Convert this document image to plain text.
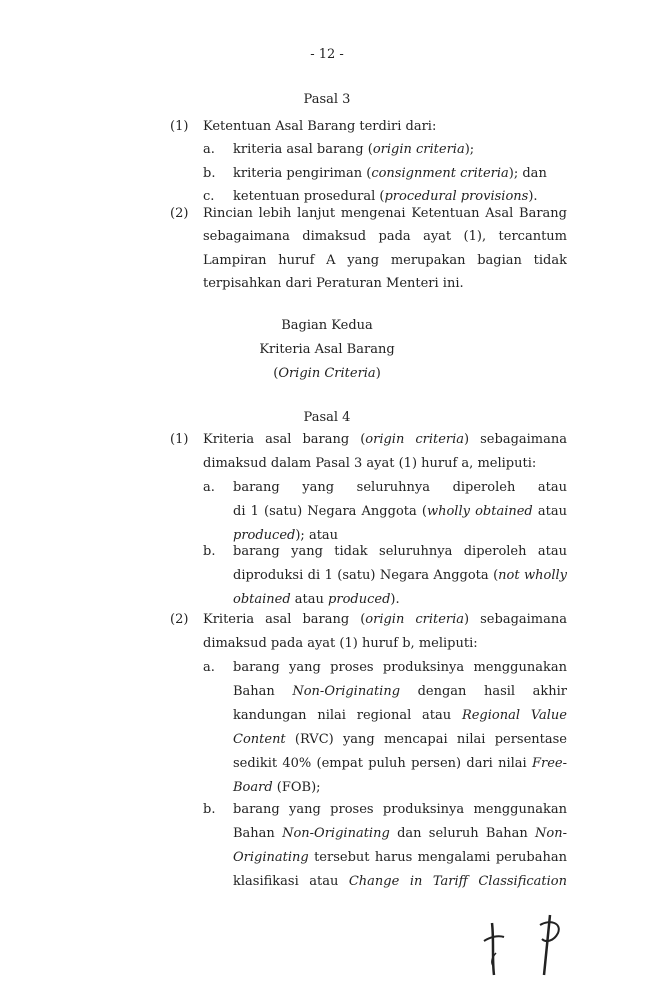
- 12 -
Pasal 3
(1) Ketentuan Asal Barang terdiri dari:
a. kriteria asal barang (origin criteria);
b. kriteria pengiriman (consignment criteria); dan
c. ketentuan prosedural (procedural provisions).
(2) Rincian lebih lanjut mengenai Ketentuan Asal Barang
sebagaimana dimaksud pada ayat (1), tercantum
Lampiran huruf A yang merupakan bagian tidak
terpisahkan dari Peraturan Menteri ini.
Bagian Kedua
Kriteria Asal Barang
(Origin Criteria)
Pasal 4
(1) Kriteria asal barang (origin criteria) sebagaimana
dimaksud dalam Pasal 3 ayat (1) huruf a, meliputi:
a. barang yang seluruhnya diperoleh atau
di 1 (satu) Negara Anggota (wholly obtained atau
produced); atau
b. barang yang tidak seluruhnya diperoleh atau
diproduksi di 1 (satu) Negara Anggota (not wholly
obtained atau produced).
(2) Kriteria asal barang (origin criteria) sebagaimana
dimaksud pada ayat (1) huruf b, meliputi:
a. barang yang proses produksinya menggunakan
Bahan Non-Originating dengan hasil akhir
kandungan nilai regional atau Regional Value
Content (RVC) yang mencapai nilai persentase
sedikit 40% (empat puluh persen) dari nilai Free-
Board (FOB);
b. barang yang proses produksinya menggunakan
Bahan Non-Originating dan seluruh Bahan Non-
Originating tersebut harus mengalami perubahan
klasifikasi atau Change in Tariff Classification
